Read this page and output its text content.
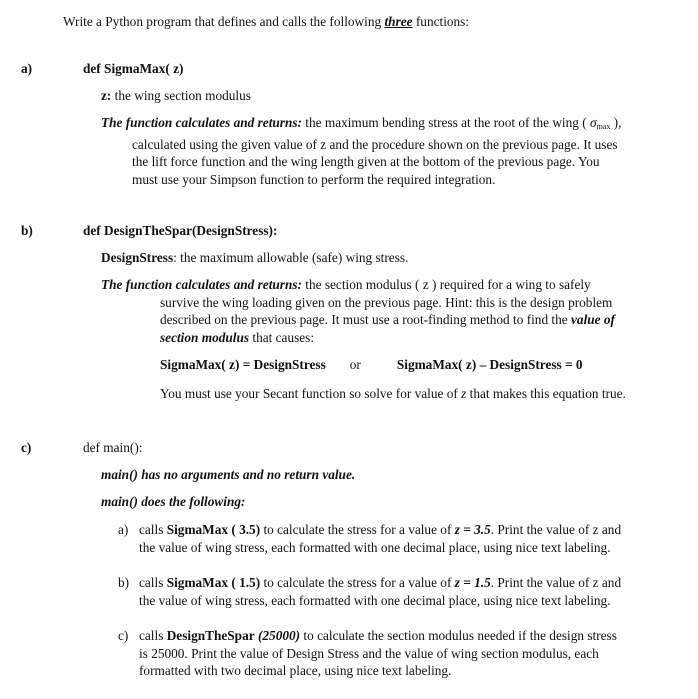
Write a Python program that defines and calls the following three functions:
a)	def SigmaMax( z)
z: the wing section modulus
The function calculates and returns: the maximum bending stress at the root of the wing ( $\sigma_{max}$ ),
calculated using the given value of z and the procedure shown on the previous page. It uses
the lift force function and the wing length given at the bottom of the previous page. You
must use your Simpson function to perform the required integration.
b)	def DesignTheSpar(DesignStress):
DesignStress: the maximum allowable (safe) wing stress.
The function calculates and returns: the section modulus ( z ) required for a wing to safely
survive the wing loading given on the previous page. Hint: this is the design problem
described on the previous page. It must use a root-finding method to find the value of
section modulus that causes:
SigmaMax( z) = DesignStress or	SigmaMax( z) – DesignStress = 0
You must use your Secant function so solve for value of z that makes this equation true.
c)	def main():
main() has no arguments and no return value.
main() does the following:
a) calls SigmaMax ( 3.5) to calculate the stress for a value of z = 3.5. Print the value of z and
the value of wing stress, each formatted with one decimal place, using nice text labeling.
b) calls SigmaMax ( 1.5) to calculate the stress for a value of z = 1.5. Print the value of z and
the value of wing stress, each formatted with one decimal place, using nice text labeling.
c) calls DesignTheSpar (25000) to calculate the section modulus needed if the design stress
is 25000. Print the value of Design Stress and the value of wing section modulus, each
formatted with two decimal place, using nice text labeling.
